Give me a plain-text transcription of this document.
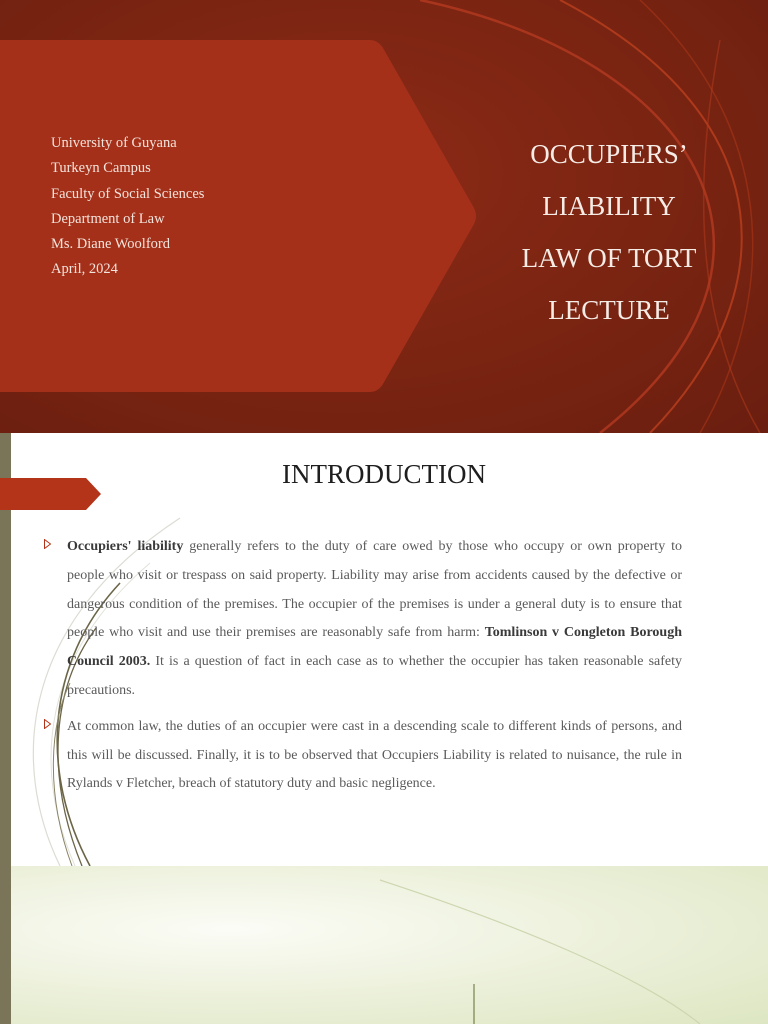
University of Guyana
Turkeyn Campus
Faculty of Social Sciences
Department of Law
Ms. Diane Woolford
April, 2024
OCCUPIERS’
LIABILITY
LAW OF TORT
LECTURE
INTRODUCTION

Occupiers' liability generally refers to the duty of care owed by those who occupy or own property to people who visit or trespass on said property. Liability may arise from accidents caused by the defective or dangerous condition of the premises. The occupier of the premises is under a general duty is to ensure that people who visit and use their premises are reasonably safe from harm: Tomlinson v Congleton Borough Council 2003. It is a question of fact in each case as to whether the occupier has taken reasonable safety precautions.

At common law, the duties of an occupier were cast in a descending scale to different kinds of persons, and this will be discussed. Finally, it is to be observed that Occupiers Liability is related to nuisance, the rule in Rylands v Fletcher, breach of statutory duty and basic negligence.
